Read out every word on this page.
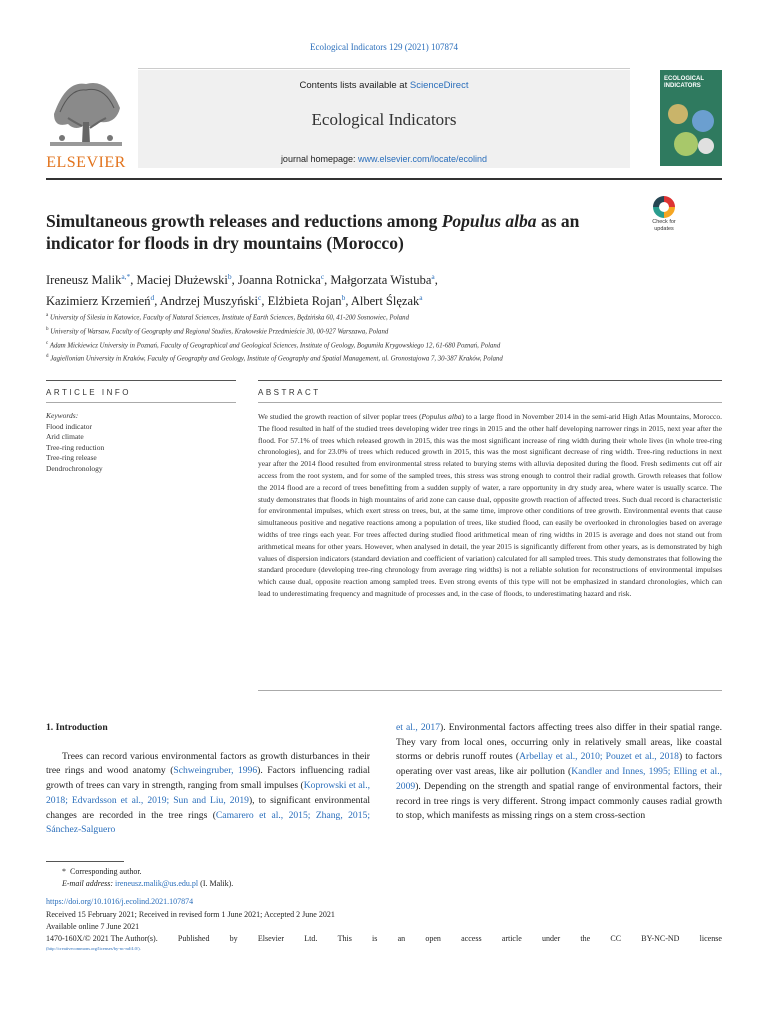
Ecological Indicators 129 (2021) 107874
ELSEVIER
Contents lists available at ScienceDirect
Ecological Indicators
journal homepage: www.elsevier.com/locate/ecolind
ECOLOGICAL INDICATORS
Simultaneous growth releases and reductions among Populus alba as an indicator for floods in dry mountains (Morocco)
Check for updates
Ireneusz Malik$^{a,*}$, Maciej Dłużewski$^b$, Joanna Rotnicka$^c$, Małgorzata Wistuba$^a$,
Kazimierz Krzemień$^d$, Andrzej Muszyński$^c$, Elżbieta Rojan$^b$, Albert Ślęzak$^a$
$^a$ University of Silesia in Katowice, Faculty of Natural Sciences, Institute of Earth Sciences, Będzińska 60, 41-200 Sosnowiec, Poland
$^b$ University of Warsaw, Faculty of Geography and Regional Studies, Krakowskie Przedmieście 30, 00-927 Warszawa, Poland
$^c$ Adam Mickiewicz University in Poznań, Faculty of Geographical and Geological Sciences, Institute of Geology, Bogumiła Krygowskiego 12, 61-680 Poznań, Poland
$^d$ Jagiellonian University in Kraków, Faculty of Geography and Geology, Institute of Geography and Spatial Management, ul. Gronostajowa 7, 30-387 Kraków, Poland
ARTICLE INFO	ABSTRACT
Keywords:
Flood indicator
Arid climate
Tree-ring reduction
Tree-ring release
Dendrochronology
We studied the growth reaction of silver poplar trees (Populus alba) to a large flood in November 2014 in the semi-arid High Atlas Mountains, Morocco. The flood resulted in half of the studied trees developing wider tree rings in 2015 and the other half developing narrower rings in 2015, next year after the flood. For 57.1% of trees which released growth in 2015, this was the most significant increase of ring width during their whole lives (in whole tree-ring chronologies), and for 23.0% of trees which reduced growth in 2015, this was the most significant decrease of ring width. Tree-ring reductions in next year after the 2014 flood resulted from environmental stress related to burying stems with alluvia deposited during the flood. Fresh sediments cut off air access from the root system, and for some of the sampled trees, this stress was strong enough to control their radial growth. Growth releases that follow the 2014 flood are a record of trees benefitting from a sudden supply of water, a rare opportunity in dry study area, where water is usually scarce. The study demonstrates that floods in high mountains of arid zone can cause dual, opposite growth reaction of affected trees. Such dual record is characteristic for environmental impulses, which exert stress on trees, but, at the same time, improve other conditions of tree growth. Environmental events that cause simultaneous positive and negative reactions among a population of trees, like studied flood, can easily be overlooked in chronologies based on average widths of tree rings each year. For trees affected during studied flood arithmetical mean of ring widths in 2015 is average and does not stand out from arithmetical means for other years. However, when analysed in detail, the year 2015 is significantly different from other years, as is demonstrated by high values of dispersion indicators (standard deviation and coefficient of variation) calculated for all sampled trees. This study demonstrates that following the standard procedure (developing tree-ring chronology from average ring widths) is not a reliable solution for reconstructions of environmental impulses which cause dual, opposite reaction among sampled trees. Even strong events of this type will not be emphasized in standard chronologies, which can lead to underestimating frequency and magnitude of processes and, in the case of floods, to underestimating hazard and risk.
1. Introduction

Trees can record various environmental factors as growth disturbances in their tree rings and wood anatomy (Schweingruber, 1996). Factors influencing radial growth of trees can vary in strength, ranging from small impulses (Koprowski et al., 2018; Edvardsson et al., 2019; Sun and Liu, 2019), to significant environmental changes are recorded in the tree rings (Camarero et al., 2015; Zhang, 2015; Sánchez-Salguero

et al., 2017). Environmental factors affecting trees also differ in their spatial range. They vary from local ones, occurring only in relatively small areas, like coastal storms or debris runoff routes (Arbellay et al., 2010; Pouzet et al., 2018) to factors operating over vast areas, like air pollution (Kandler and Innes, 1995; Elling et al., 2009). Depending on the strength and spatial range of environmental factors, their record in tree rings is very different. Strong impact commonly causes radial growth to stop, which manifests as missing rings on a stem cross-section

* Corresponding author.
E-mail address: ireneusz.malik@us.edu.pl (I. Malik).
https://doi.org/10.1016/j.ecolind.2021.107874
Received 15 February 2021; Received in revised form 1 June 2021; Accepted 2 June 2021
Available online 7 June 2021
1470-160X/© 2021 The Author(s).	Published	by	Elsevier	Ltd.	This	is	an	open	access	article	under	the	CC	BY-NC-ND	license
(http://creativecommons.org/licenses/by-nc-nd/4.0/).
